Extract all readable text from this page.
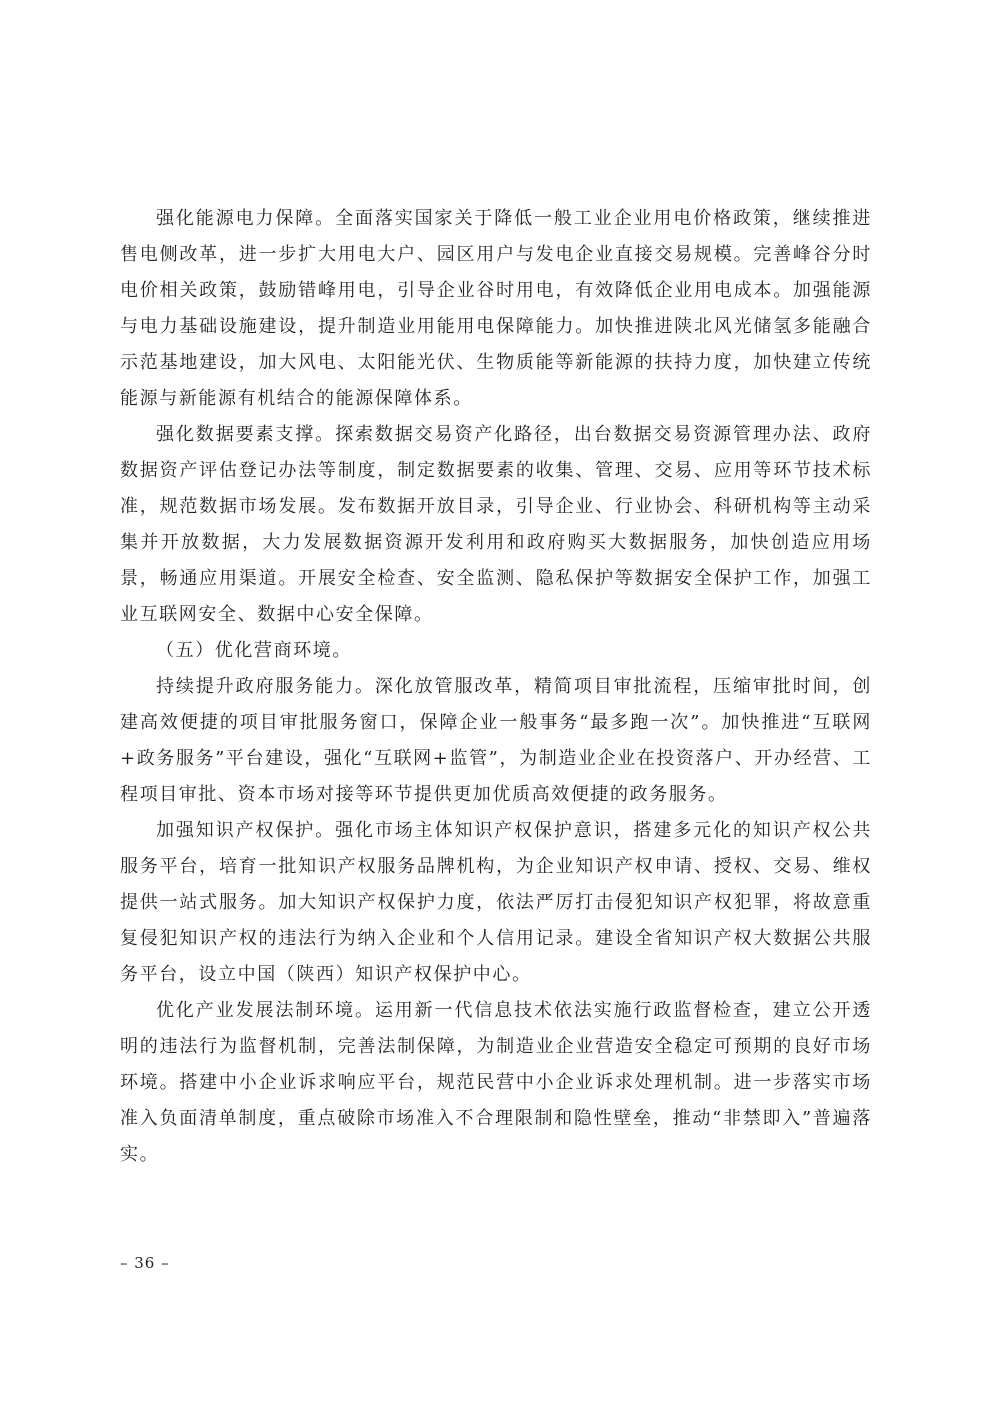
强化能源电力保障。全面落实国家关于降低一般工业企业用电价格政策，继续推进售电侧改革，进一步扩大用电大户、园区用户与发电企业直接交易规模。完善峰谷分时电价相关政策，鼓励错峰用电，引导企业谷时用电，有效降低企业用电成本。加强能源与电力基础设施建设，提升制造业用能用电保障能力。加快推进陕北风光储氢多能融合示范基地建设，加大风电、太阳能光伏、生物质能等新能源的扶持力度，加快建立传统能源与新能源有机结合的能源保障体系。

强化数据要素支撑。探索数据交易资产化路径，出台数据交易资源管理办法、政府数据资产评估登记办法等制度，制定数据要素的收集、管理、交易、应用等环节技术标准，规范数据市场发展。发布数据开放目录，引导企业、行业协会、科研机构等主动采集并开放数据，大力发展数据资源开发利用和政府购买大数据服务，加快创造应用场景，畅通应用渠道。开展安全检查、安全监测、隐私保护等数据安全保护工作，加强工业互联网安全、数据中心安全保障。

（五）优化营商环境。

持续提升政府服务能力。深化放管服改革，精简项目审批流程，压缩审批时间，创建高效便捷的项目审批服务窗口，保障企业一般事务“最多跑一次”。加快推进“互联网+政务服务”平台建设，强化“互联网+监管”，为制造业企业在投资落户、开办经营、工程项目审批、资本市场对接等环节提供更加优质高效便捷的政务服务。

加强知识产权保护。强化市场主体知识产权保护意识，搭建多元化的知识产权公共服务平台，培育一批知识产权服务品牌机构，为企业知识产权申请、授权、交易、维权提供一站式服务。加大知识产权保护力度，依法严厉打击侵犯知识产权犯罪，将故意重复侵犯知识产权的违法行为纳入企业和个人信用记录。建设全省知识产权大数据公共服务平台，设立中国（陕西）知识产权保护中心。

优化产业发展法制环境。运用新一代信息技术依法实施行政监督检查，建立公开透明的违法行为监督机制，完善法制保障，为制造业企业营造安全稳定可预期的良好市场环境。搭建中小企业诉求响应平台，规范民营中小企业诉求处理机制。进一步落实市场准入负面清单制度，重点破除市场准入不合理限制和隐性壁垒，推动“非禁即入”普遍落实。

– 36 –
